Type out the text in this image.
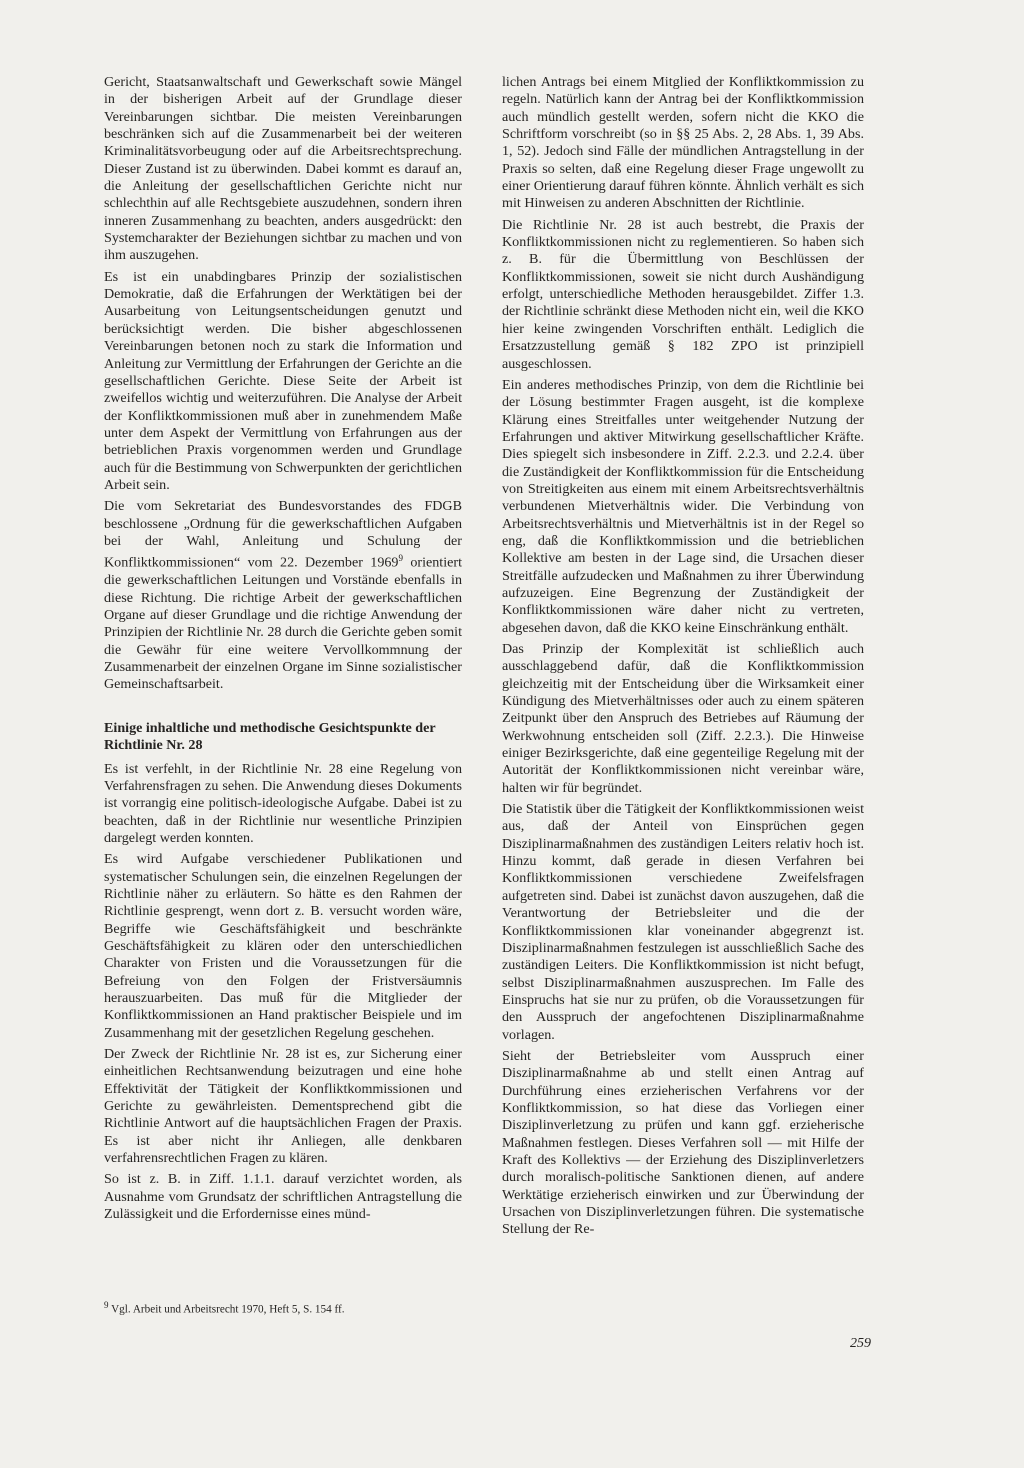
Gericht, Staatsanwaltschaft und Gewerkschaft sowie Mängel in der bisherigen Arbeit auf der Grundlage dieser Vereinbarungen sichtbar. Die meisten Vereinbarungen beschränken sich auf die Zusammenarbeit bei der weiteren Kriminalitätsvorbeugung oder auf die Arbeitsrechtsprechung. Dieser Zustand ist zu überwinden. Dabei kommt es darauf an, die Anleitung der gesellschaftlichen Gerichte nicht nur schlechthin auf alle Rechtsgebiete auszudehnen, sondern ihren inneren Zusammenhang zu beachten, anders ausgedrückt: den Systemcharakter der Beziehungen sichtbar zu machen und von ihm auszugehen.

Es ist ein unabdingbares Prinzip der sozialistischen Demokratie, daß die Erfahrungen der Werktätigen bei der Ausarbeitung von Leitungsentscheidungen genutzt und berücksichtigt werden. Die bisher abgeschlossenen Vereinbarungen betonen noch zu stark die Information und Anleitung zur Vermittlung der Erfahrungen der Gerichte an die gesellschaftlichen Gerichte. Diese Seite der Arbeit ist zweifellos wichtig und weiterzuführen. Die Analyse der Arbeit der Konfliktkommissionen muß aber in zunehmendem Maße unter dem Aspekt der Vermittlung von Erfahrungen aus der betrieblichen Praxis vorgenommen werden und Grundlage auch für die Bestimmung von Schwerpunkten der gerichtlichen Arbeit sein.

Die vom Sekretariat des Bundesvorstandes des FDGB beschlossene „Ordnung für die gewerkschaftlichen Aufgaben bei der Wahl, Anleitung und Schulung der Konfliktkommissionen“ vom 22. Dezember 1969$^9$ orientiert die gewerkschaftlichen Leitungen und Vorstände ebenfalls in diese Richtung. Die richtige Arbeit der gewerkschaftlichen Organe auf dieser Grundlage und die richtige Anwendung der Prinzipien der Richtlinie Nr. 28 durch die Gerichte geben somit die Gewähr für eine weitere Vervollkommnung der Zusammenarbeit der einzelnen Organe im Sinne sozialistischer Gemeinschaftsarbeit.

Einige inhaltliche und methodische Gesichtspunkte der Richtlinie Nr. 28

Es ist verfehlt, in der Richtlinie Nr. 28 eine Regelung von Verfahrensfragen zu sehen. Die Anwendung dieses Dokuments ist vorrangig eine politisch-ideologische Aufgabe. Dabei ist zu beachten, daß in der Richtlinie nur wesentliche Prinzipien dargelegt werden konnten.

Es wird Aufgabe verschiedener Publikationen und systematischer Schulungen sein, die einzelnen Regelungen der Richtlinie näher zu erläutern. So hätte es den Rahmen der Richtlinie gesprengt, wenn dort z. B. versucht worden wäre, Begriffe wie Geschäftsfähigkeit und beschränkte Geschäftsfähigkeit zu klären oder den unterschiedlichen Charakter von Fristen und die Voraussetzungen für die Befreiung von den Folgen der Fristversäumnis herauszuarbeiten. Das muß für die Mitglieder der Konfliktkommissionen an Hand praktischer Beispiele und im Zusammenhang mit der gesetzlichen Regelung geschehen.

Der Zweck der Richtlinie Nr. 28 ist es, zur Sicherung einer einheitlichen Rechtsanwendung beizutragen und eine hohe Effektivität der Tätigkeit der Konfliktkommissionen und Gerichte zu gewährleisten. Dementsprechend gibt die Richtlinie Antwort auf die hauptsächlichen Fragen der Praxis. Es ist aber nicht ihr Anliegen, alle denkbaren verfahrensrechtlichen Fragen zu klären.

So ist z. B. in Ziff. 1.1.1. darauf verzichtet worden, als Ausnahme vom Grundsatz der schriftlichen Antragstellung die Zulässigkeit und die Erfordernisse eines münd-

lichen Antrags bei einem Mitglied der Konfliktkommission zu regeln. Natürlich kann der Antrag bei der Konfliktkommission auch mündlich gestellt werden, sofern nicht die KKO die Schriftform vorschreibt (so in §§ 25 Abs. 2, 28 Abs. 1, 39 Abs. 1, 52). Jedoch sind Fälle der mündlichen Antragstellung in der Praxis so selten, daß eine Regelung dieser Frage ungewollt zu einer Orientierung darauf führen könnte. Ähnlich verhält es sich mit Hinweisen zu anderen Abschnitten der Richtlinie.

Die Richtlinie Nr. 28 ist auch bestrebt, die Praxis der Konfliktkommissionen nicht zu reglementieren. So haben sich z. B. für die Übermittlung von Beschlüssen der Konfliktkommissionen, soweit sie nicht durch Aushändigung erfolgt, unterschiedliche Methoden herausgebildet. Ziffer 1.3. der Richtlinie schränkt diese Methoden nicht ein, weil die KKO hier keine zwingenden Vorschriften enthält. Lediglich die Ersatzzustellung gemäß § 182 ZPO ist prinzipiell ausgeschlossen.

Ein anderes methodisches Prinzip, von dem die Richtlinie bei der Lösung bestimmter Fragen ausgeht, ist die komplexe Klärung eines Streitfalles unter weitgehender Nutzung der Erfahrungen und aktiver Mitwirkung gesellschaftlicher Kräfte. Dies spiegelt sich insbesondere in Ziff. 2.2.3. und 2.2.4. über die Zuständigkeit der Konfliktkommission für die Entscheidung von Streitigkeiten aus einem mit einem Arbeitsrechtsverhältnis verbundenen Mietverhältnis wider. Die Verbindung von Arbeitsrechtsverhältnis und Mietverhältnis ist in der Regel so eng, daß die Konfliktkommission und die betrieblichen Kollektive am besten in der Lage sind, die Ursachen dieser Streitfälle aufzudecken und Maßnahmen zu ihrer Überwindung aufzuzeigen. Eine Begrenzung der Zuständigkeit der Konfliktkommissionen wäre daher nicht zu vertreten, abgesehen davon, daß die KKO keine Einschränkung enthält.

Das Prinzip der Komplexität ist schließlich auch ausschlaggebend dafür, daß die Konfliktkommission gleichzeitig mit der Entscheidung über die Wirksamkeit einer Kündigung des Mietverhältnisses oder auch zu einem späteren Zeitpunkt über den Anspruch des Betriebes auf Räumung der Werkwohnung entscheiden soll (Ziff. 2.2.3.). Die Hinweise einiger Bezirksgerichte, daß eine gegenteilige Regelung mit der Autorität der Konfliktkommissionen nicht vereinbar wäre, halten wir für begründet.

Die Statistik über die Tätigkeit der Konfliktkommissionen weist aus, daß der Anteil von Einsprüchen gegen Disziplinarmaßnahmen des zuständigen Leiters relativ hoch ist. Hinzu kommt, daß gerade in diesen Verfahren bei Konfliktkommissionen verschiedene Zweifelsfragen aufgetreten sind. Dabei ist zunächst davon auszugehen, daß die Verantwortung der Betriebsleiter und die der Konfliktkommissionen klar voneinander abgegrenzt ist. Disziplinarmaßnahmen festzulegen ist ausschließlich Sache des zuständigen Leiters. Die Konfliktkommission ist nicht befugt, selbst Disziplinarmaßnahmen auszusprechen. Im Falle des Einspruchs hat sie nur zu prüfen, ob die Voraussetzungen für den Ausspruch der angefochtenen Disziplinarmaßnahme vorlagen.

Sieht der Betriebsleiter vom Ausspruch einer Disziplinarmaßnahme ab und stellt einen Antrag auf Durchführung eines erzieherischen Verfahrens vor der Konfliktkommission, so hat diese das Vorliegen einer Disziplinverletzung zu prüfen und kann ggf. erzieherische Maßnahmen festlegen. Dieses Verfahren soll — mit Hilfe der Kraft des Kollektivs — der Erziehung des Disziplinverletzers durch moralisch-politische Sanktionen dienen, auf andere Werktätige erzieherisch einwirken und zur Überwindung der Ursachen von Disziplinverletzungen führen. Die systematische Stellung der Re-

$^9$ Vgl. Arbeit und Arbeitsrecht 1970, Heft 5, S. 154 ff.
259
